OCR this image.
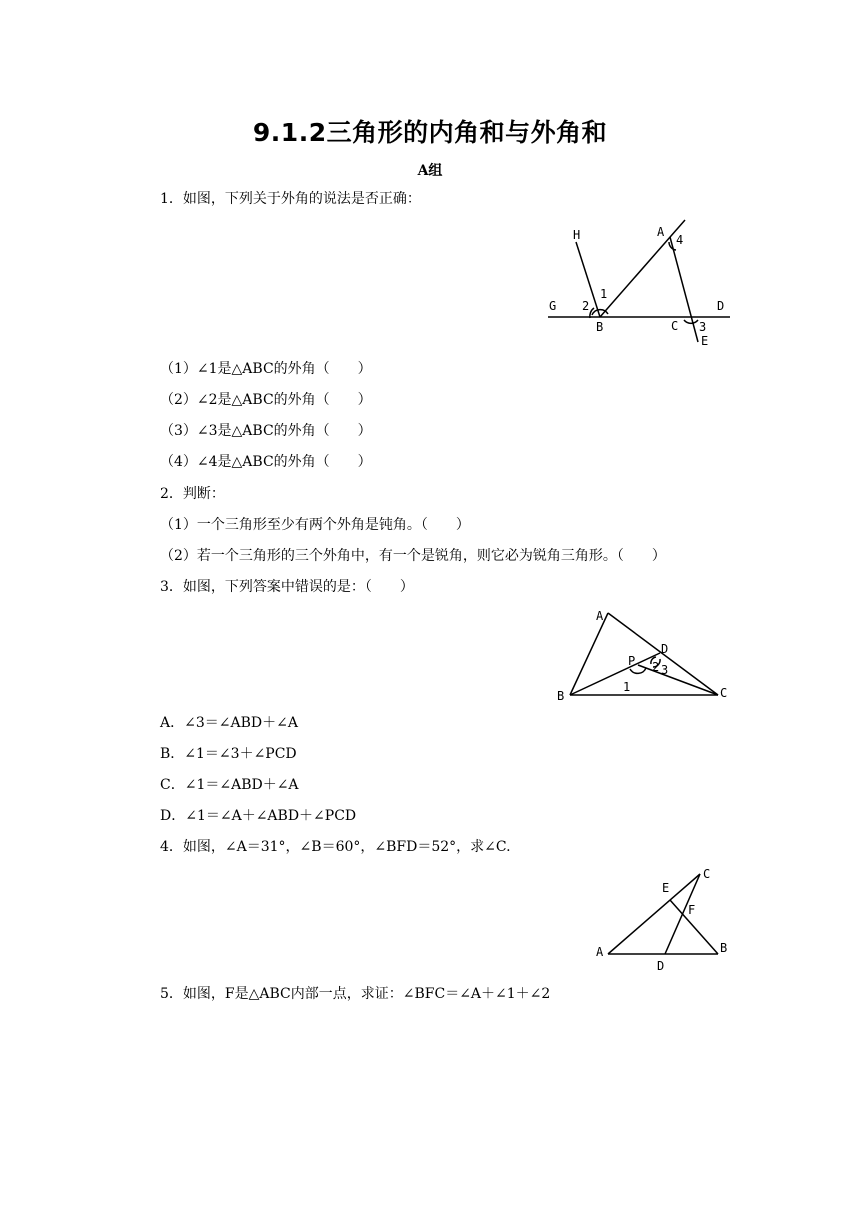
9.1.2三角形的内角和与外角和
A组
1．如图，下列关于外角的说法是否正确：
H	A
4
1
2
G	D
B	C 3
E
（1）∠1是△ABC的外角（　　）
（2）∠2是△ABC的外角（　　）
（3）∠3是△ABC的外角（　　）
（4）∠4是△ABC的外角（　　）
2．判断：
（1）一个三角形至少有两个外角是钝角。（　　）
（2）若一个三角形的三个外角中，有一个是锐角，则它必为锐角三角形。（　　）
3．如图，下列答案中错误的是：（　　）
A
D
P 2 3
1
B	C
A．∠3＝∠ABD＋∠A
B．∠1＝∠3＋∠PCD
C．∠1＝∠ABD＋∠A
D．∠1＝∠A＋∠ABD＋∠PCD
4．如图，∠A＝31°，∠B＝60°，∠BFD＝52°，求∠C.
C
E
F
A	B
D
5．如图，F是△ABC内部一点，求证：∠BFC＝∠A＋∠1＋∠2
